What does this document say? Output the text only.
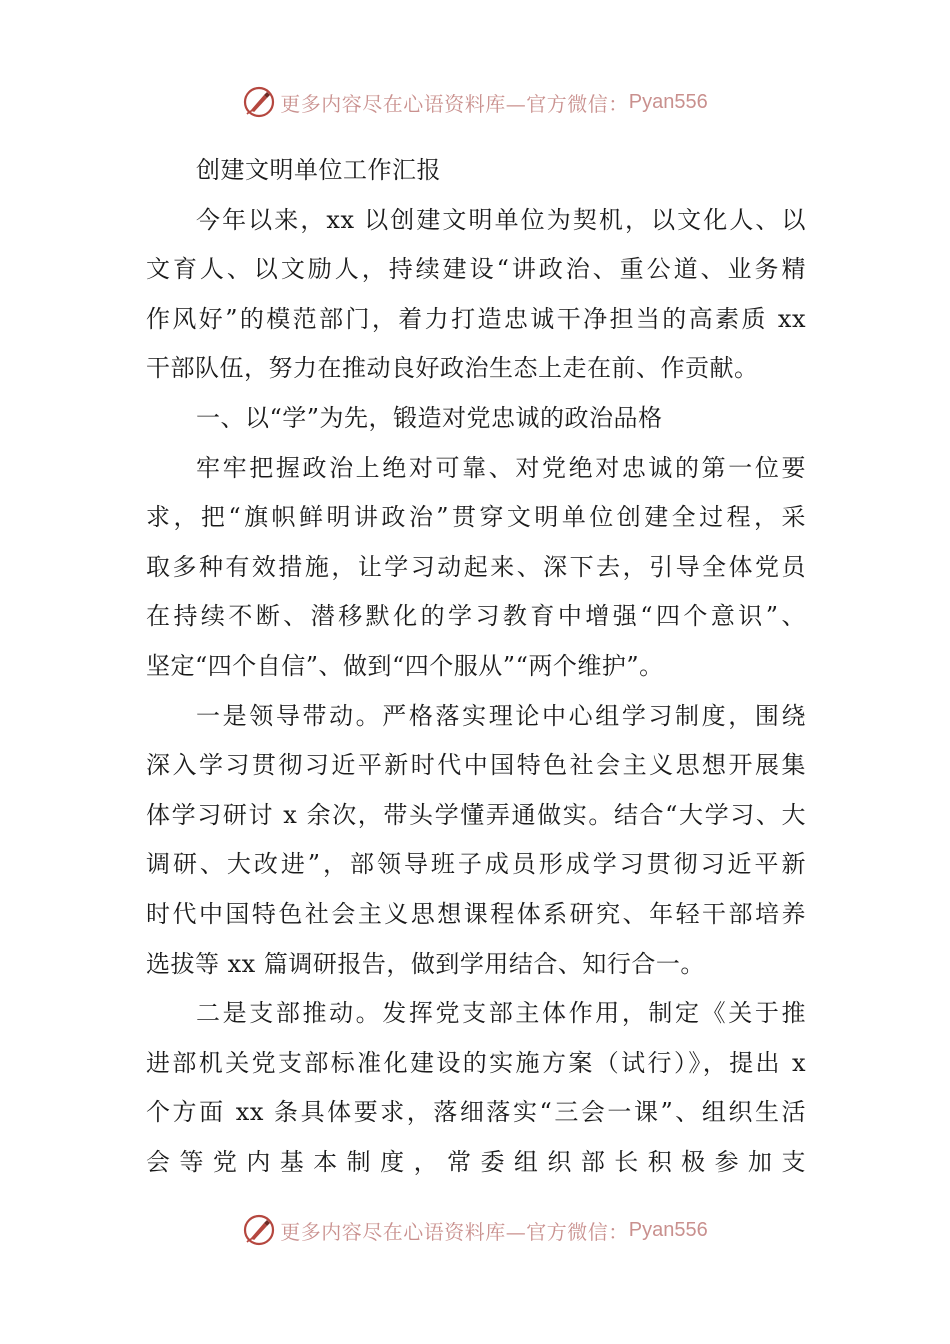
更多内容尽在心语资料库—官方微信： Pyan556
创建文明单位工作汇报
今年以来，xx 以创建文明单位为契机，以文化人、以
文育人、以文励人，持续建设“讲政治、重公道、业务精
作风好”的模范部门，着力打造忠诚干净担当的高素质 xx
干部队伍，努力在推动良好政治生态上走在前、作贡献。
一、以“学”为先，锻造对党忠诚的政治品格
牢牢把握政治上绝对可靠、对党绝对忠诚的第一位要
求，把“旗帜鲜明讲政治”贯穿文明单位创建全过程，采
取多种有效措施，让学习动起来、深下去，引导全体党员
在持续不断、潜移默化的学习教育中增强“四个意识”、
坚定“四个自信”、做到“四个服从”“两个维护”。
一是领导带动。严格落实理论中心组学习制度，围绕
深入学习贯彻习近平新时代中国特色社会主义思想开展集
体学习研讨 x 余次，带头学懂弄通做实。结合“大学习、大
调研、大改进”，部领导班子成员形成学习贯彻习近平新
时代中国特色社会主义思想课程体系研究、年轻干部培养
选拔等 xx 篇调研报告，做到学用结合、知行合一。
二是支部推动。发挥党支部主体作用，制定《关于推
进部机关党支部标准化建设的实施方案（试行）》，提出 x
个方面 xx 条具体要求，落细落实“三会一课”、组织生活
会等党内基本制度，常委组织部长积极参加支
更多内容尽在心语资料库—官方微信： Pyan556
